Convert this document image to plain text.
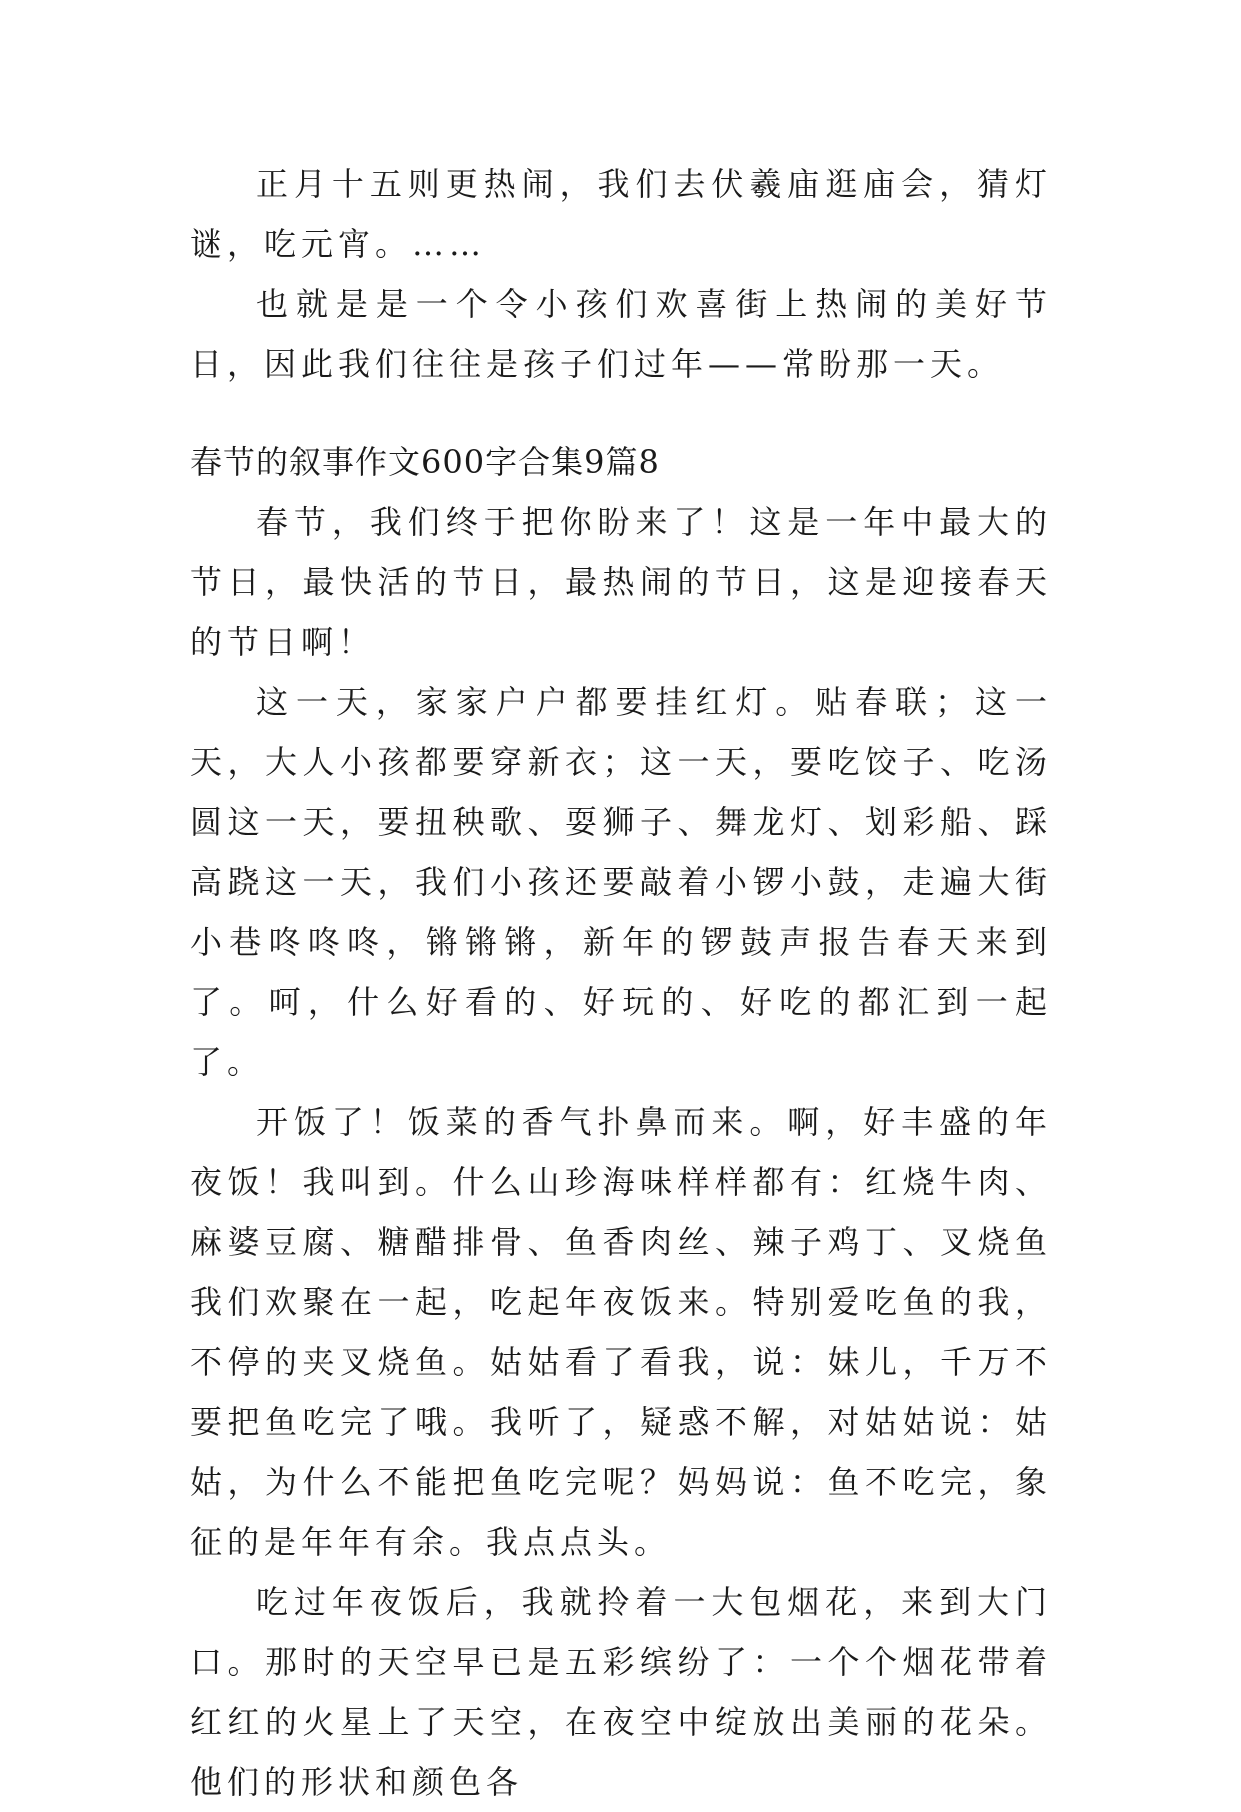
正月十五则更热闹，我们去伏羲庙逛庙会，猜灯谜，吃元宵。……

也就是是一个令小孩们欢喜街上热闹的美好节日，因此我们往往是孩子们过年——常盼那一天。

春节的叙事作文600字合集9篇8

春节，我们终于把你盼来了！这是一年中最大的节日，最快活的节日，最热闹的节日，这是迎接春天的节日啊！

这一天，家家户户都要挂红灯。贴春联；这一天，大人小孩都要穿新衣；这一天，要吃饺子、吃汤圆这一天，要扭秧歌、耍狮子、舞龙灯、划彩船、踩高跷这一天，我们小孩还要敲着小锣小鼓，走遍大街小巷咚咚咚，锵锵锵，新年的锣鼓声报告春天来到了。呵，什么好看的、好玩的、好吃的都汇到一起了。

开饭了！饭菜的香气扑鼻而来。啊，好丰盛的年夜饭！我叫到。什么山珍海味样样都有：红烧牛肉、麻婆豆腐、糖醋排骨、鱼香肉丝、辣子鸡丁、叉烧鱼我们欢聚在一起，吃起年夜饭来。特别爱吃鱼的我，不停的夹叉烧鱼。姑姑看了看我，说：妹儿，千万不要把鱼吃完了哦。我听了，疑惑不解，对姑姑说：姑姑，为什么不能把鱼吃完呢？妈妈说：鱼不吃完，象征的是年年有余。我点点头。

吃过年夜饭后，我就拎着一大包烟花，来到大门口。那时的天空早已是五彩缤纷了：一个个烟花带着红红的火星上了天空，在夜空中绽放出美丽的花朵。他们的形状和颜色各
